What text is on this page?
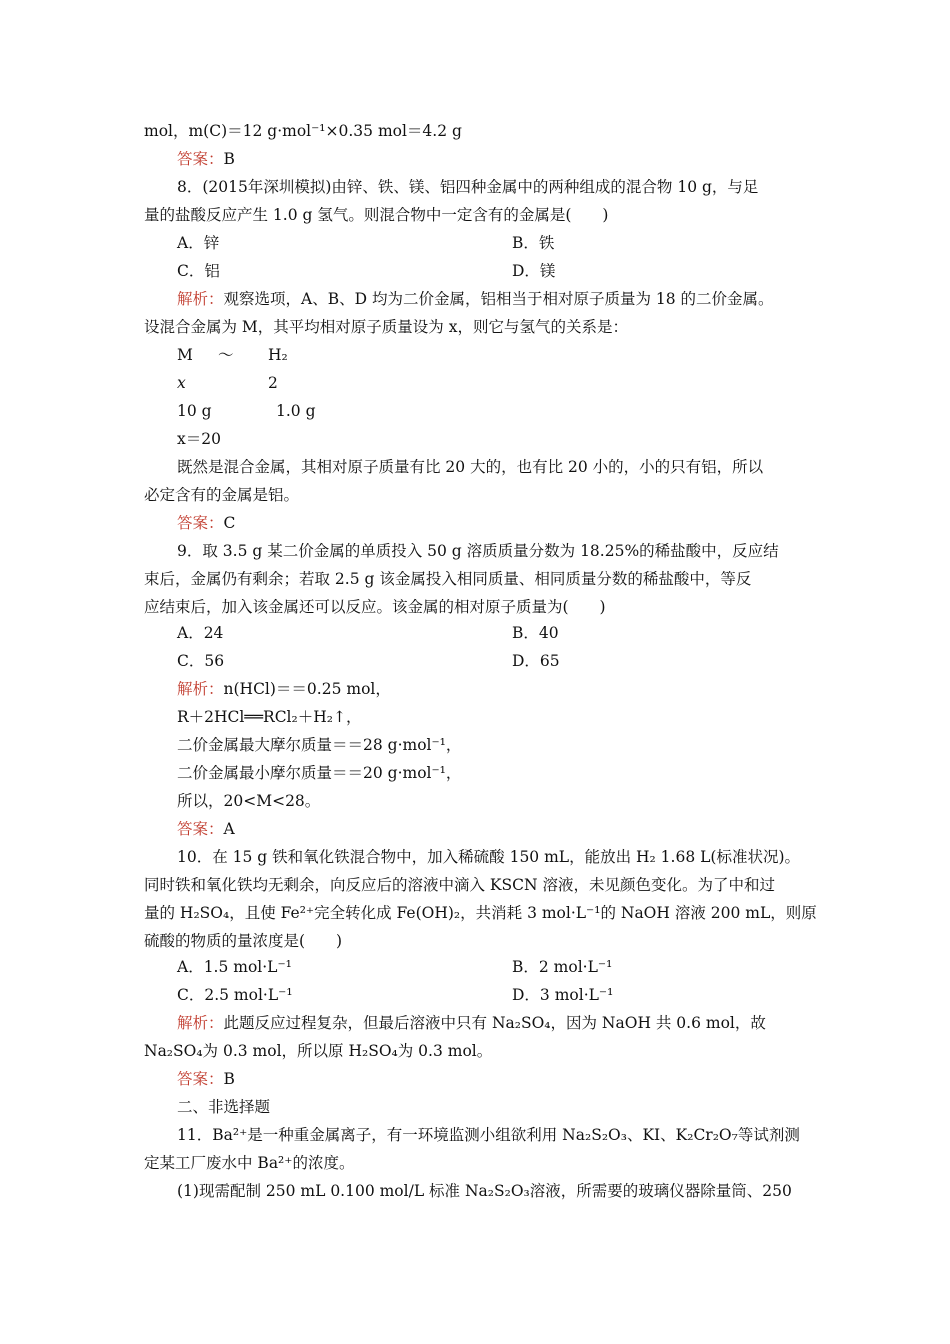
mol，m(C)＝12 g·mol⁻¹×0.35 mol＝4.2 g
答案：B
8．(2015年深圳模拟)由锌、铁、镁、铝四种金属中的两种组成的混合物 10 g，与足
量的盐酸反应产生 1.0 g 氢气。则混合物中一定含有的金属是(　　)
A．锌	B．铁
C．铝	D．镁
解析：观察选项，A、B、D 均为二价金属，铝相当于相对原子质量为 18 的二价金属。
设混合金属为 M，其平均相对原子质量设为 x，则它与氢气的关系是：
M	～	H₂
x	2
10 g	1.0 g
x＝20
既然是混合金属，其相对原子质量有比 20 大的，也有比 20 小的，小的只有铝，所以
必定含有的金属是铝。
答案：C
9．取 3.5 g 某二价金属的单质投入 50 g 溶质质量分数为 18.25%的稀盐酸中，反应结
束后，金属仍有剩余；若取 2.5 g 该金属投入相同质量、相同质量分数的稀盐酸中，等反
应结束后，加入该金属还可以反应。该金属的相对原子质量为(　　)
A．24	B．40
C．56	D．65
解析：n(HCl)＝＝0.25 mol，
R＋2HCl══RCl₂＋H₂↑，
二价金属最大摩尔质量＝＝28 g·mol⁻¹，
二价金属最小摩尔质量＝＝20 g·mol⁻¹，
所以，20<M<28。
答案：A
10．在 15 g 铁和氧化铁混合物中，加入稀硫酸 150 mL，能放出 H₂ 1.68 L(标准状况)。
同时铁和氧化铁均无剩余，向反应后的溶液中滴入 KSCN 溶液，未见颜色变化。为了中和过
量的 H₂SO₄，且使 Fe²⁺完全转化成 Fe(OH)₂，共消耗 3 mol·L⁻¹的 NaOH 溶液 200 mL，则原
硫酸的物质的量浓度是(　　)
A．1.5 mol·L⁻¹	B．2 mol·L⁻¹
C．2.5 mol·L⁻¹	D．3 mol·L⁻¹
解析：此题反应过程复杂，但最后溶液中只有 Na₂SO₄，因为 NaOH 共 0.6 mol，故
Na₂SO₄为 0.3 mol，所以原 H₂SO₄为 0.3 mol。
答案：B
二、非选择题
11．Ba²⁺是一种重金属离子，有一环境监测小组欲利用 Na₂S₂O₃、KI、K₂Cr₂O₇等试剂测
定某工厂废水中 Ba²⁺的浓度。
(1)现需配制 250 mL 0.100 mol/L 标准 Na₂S₂O₃溶液，所需要的玻璃仪器除量筒、250
